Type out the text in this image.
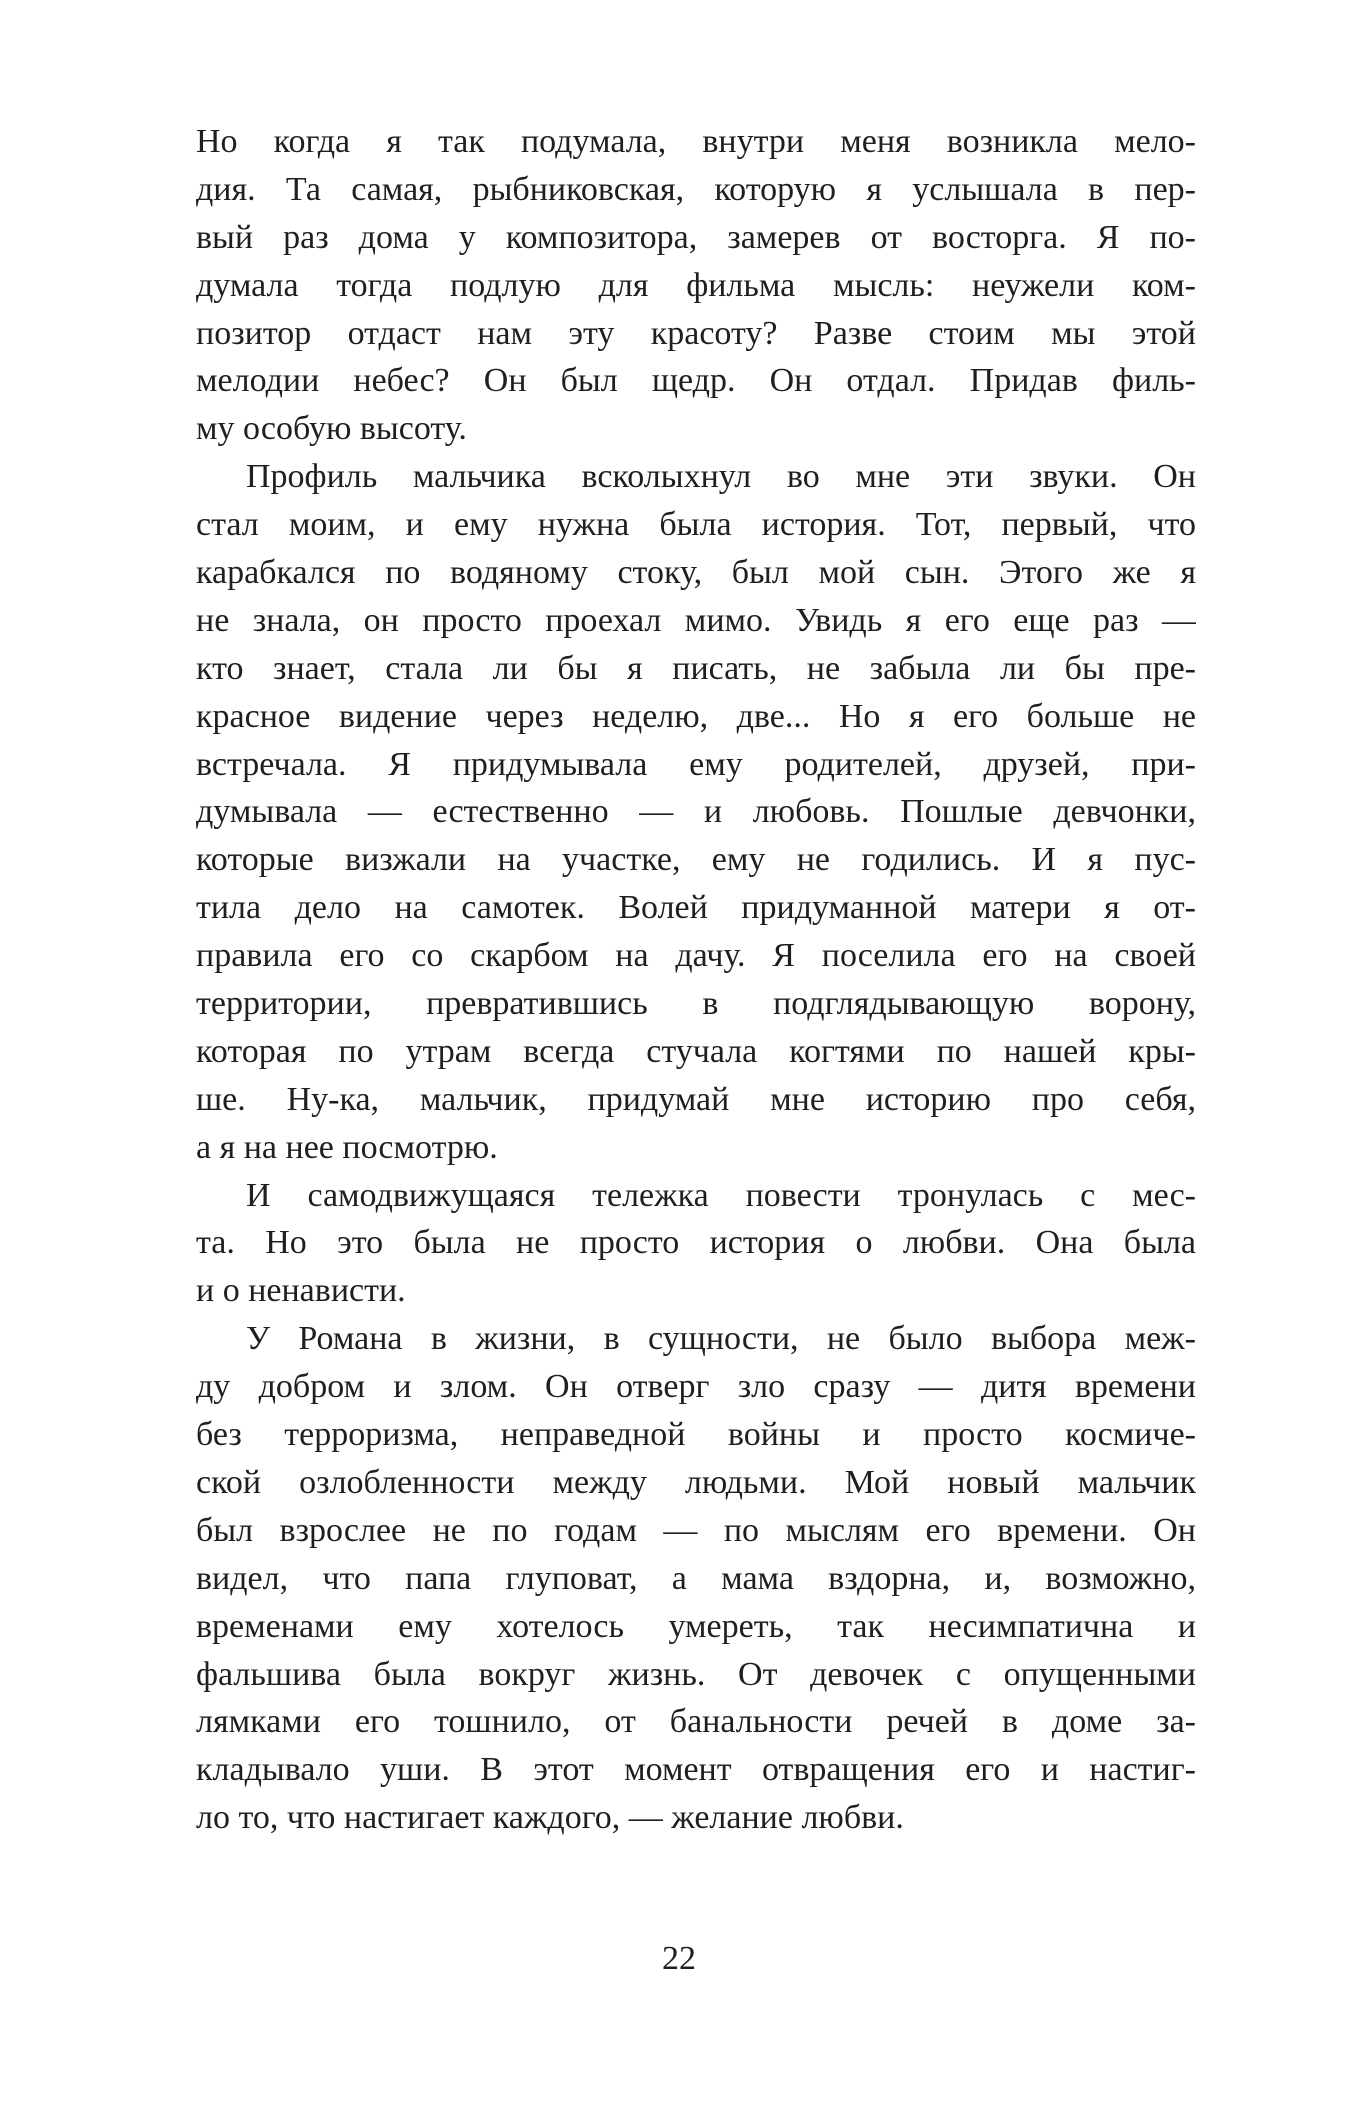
Но когда я так подумала, внутри меня возникла мело-
дия. Та самая, рыбниковская, которую я услышала в пер-
вый раз дома у композитора, замерев от восторга. Я по-
думала тогда подлую для фильма мысль: неужели ком-
позитор отдаст нам эту красоту? Разве стоим мы этой
мелодии небес? Он был щедр. Он отдал. Придав филь-
му особую высоту.
Профиль мальчика всколыхнул во мне эти звуки. Он
стал моим, и ему нужна была история. Тот, первый, что
карабкался по водяному стоку, был мой сын. Этого же я
не знала, он просто проехал мимо. Увидь я его еще раз —
кто знает, стала ли бы я писать, не забыла ли бы пре-
красное видение через неделю, две... Но я его больше не
встречала. Я придумывала ему родителей, друзей, при-
думывала — естественно — и любовь. Пошлые девчонки,
которые визжали на участке, ему не годились. И я пус-
тила дело на самотек. Волей придуманной матери я от-
правила его со скарбом на дачу. Я поселила его на своей
территории, превратившись в подглядывающую ворону,
которая по утрам всегда стучала когтями по нашей кры-
ше. Ну-ка, мальчик, придумай мне историю про себя,
а я на нее посмотрю.
И самодвижущаяся тележка повести тронулась с мес-
та. Но это была не просто история о любви. Она была
и о ненависти.
У Романа в жизни, в сущности, не было выбора меж-
ду добром и злом. Он отверг зло сразу — дитя времени
без терроризма, неправедной войны и просто космиче-
ской озлобленности между людьми. Мой новый мальчик
был взрослее не по годам — по мыслям его времени. Он
видел, что папа глуповат, а мама вздорна, и, возможно,
временами ему хотелось умереть, так несимпатична и
фальшива была вокруг жизнь. От девочек с опущенными
лямками его тошнило, от банальности речей в доме за-
кладывало уши. В этот момент отвращения его и настиг-
ло то, что настигает каждого, — желание любви.
22
